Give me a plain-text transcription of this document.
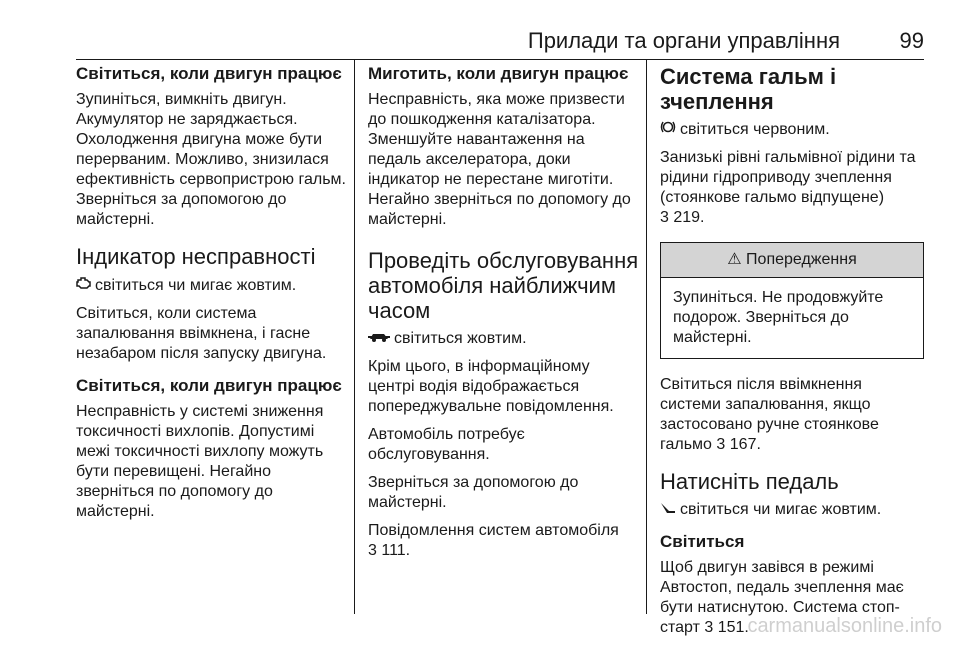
Прилади та органи управління	99
Світиться, коли двигун працює

Зупиніться, вимкніть двигун. Акумулятор не заряджається. Охолодження двигуна може бути перерваним. Можливо, знизилася ефективність сервопристрою гальм. Зверніться за допомогою до майстерні.

Індикатор несправності

світиться чи мигає жовтим.

Світиться, коли система запалювання ввімкнена, і гасне незабаром після запуску двигуна.

Світиться, коли двигун працює

Несправність у системі зниження токсичності вихлопів. Допустимі межі токсичності вихлопу можуть бути перевищені. Негайно зверніться по допомогу до майстерні.

Миготить, коли двигун працює

Несправність, яка може призвести до пошкодження каталізатора. Зменшуйте навантаження на педаль акселератора, доки індикатор не перестане миготіти. Негайно зверніться по допомогу до майстерні.

Проведіть обслуговування автомобіля найближчим часом

світиться жовтим.

Крім цього, в інформаційному центрі водія відображається попереджувальне повідомлення.

Автомобіль потребує обслуговування.

Зверніться за допомогою до майстерні.

Повідомлення систем автомобіля
3 111.

Система гальм і зчеплення

світиться червоним.

Занизькі рівні гальмівної рідини та рідини гідроприводу зчеплення (стоянкове гальмо відпущене)
3 219.

⚠ Попередження
Зупиніться. Не продовжуйте подорож. Зверніться до майстерні.

Світиться після ввімкнення системи запалювання, якщо застосовано ручне стоянкове гальмо 3 167.

Натисніть педаль

світиться чи мигає жовтим.

Світиться

Щоб двигун завівся в режимі Автостоп, педаль зчеплення має бути натиснутою. Система стоп-старт 3 151.

carmanualsonline.info
